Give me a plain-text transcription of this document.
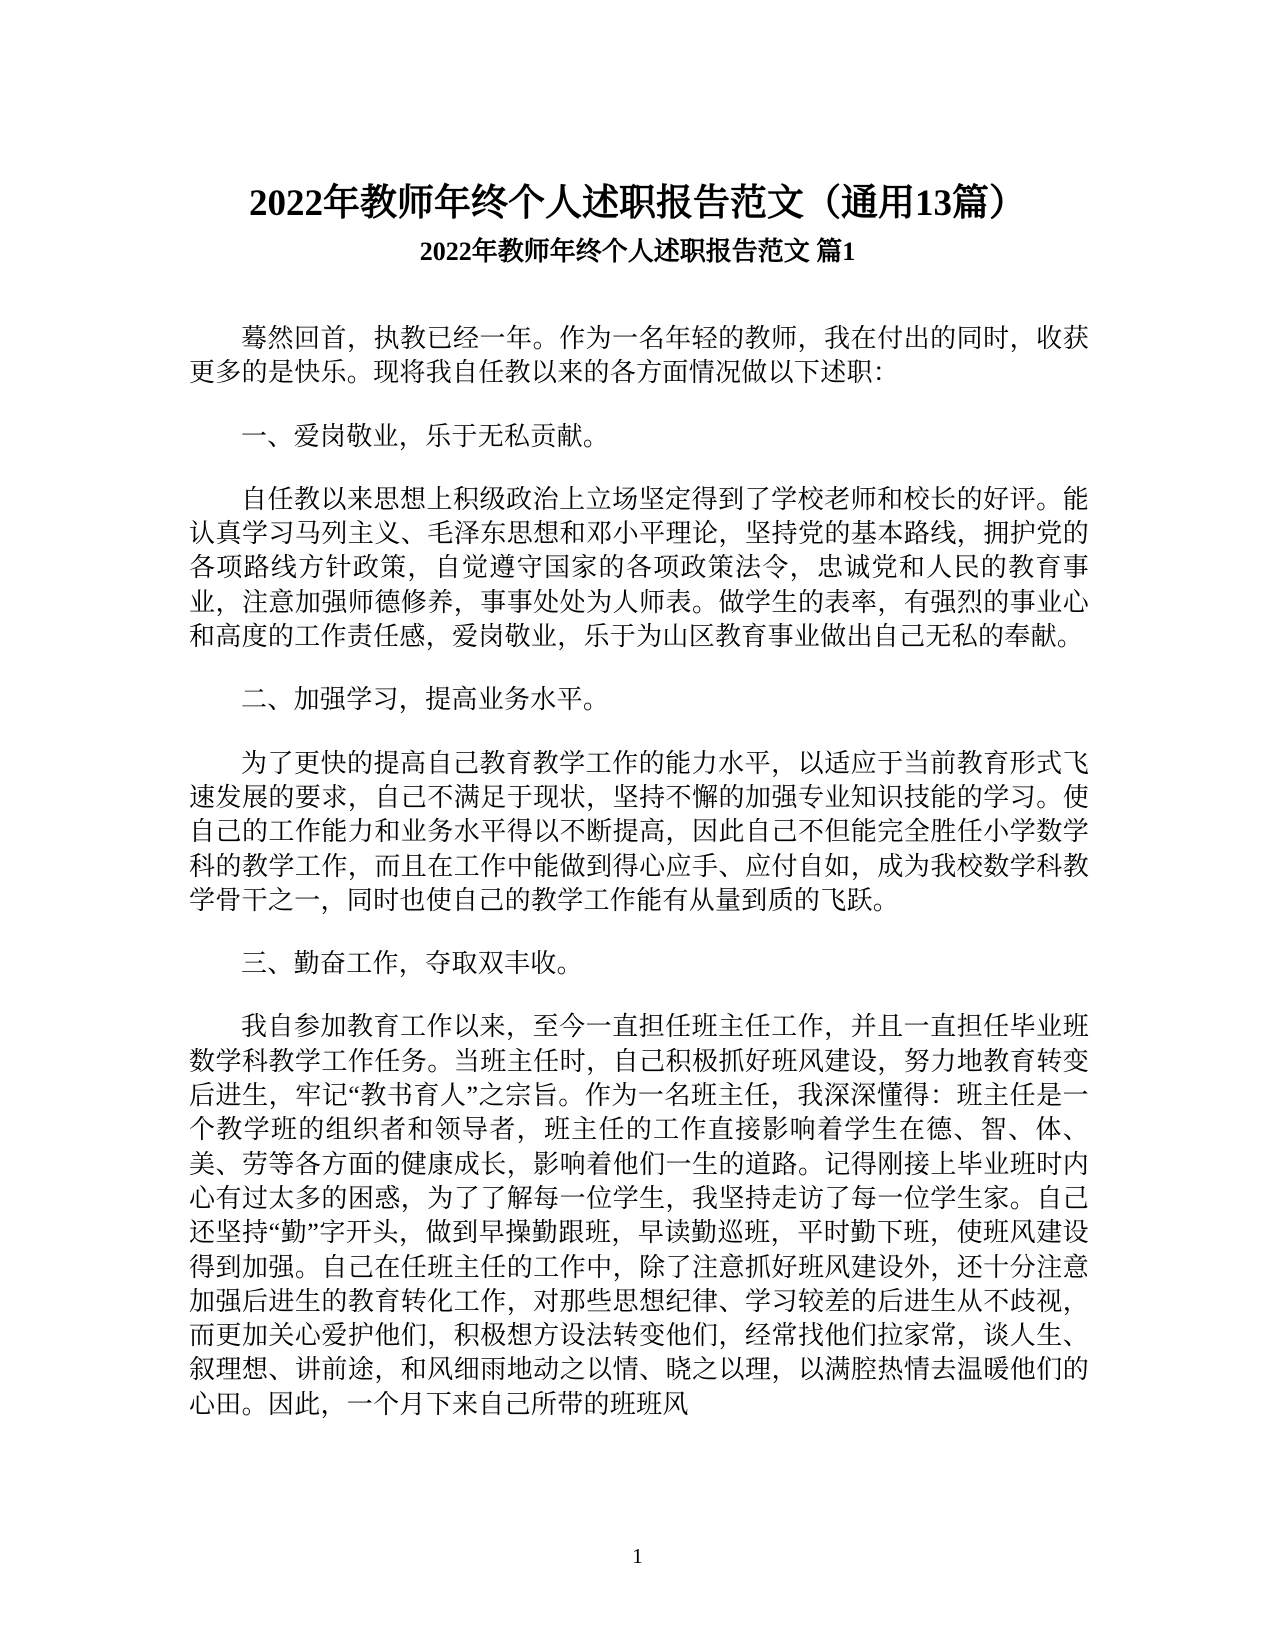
2022年教师年终个人述职报告范文（通用13篇）
2022年教师年终个人述职报告范文 篇1

蓦然回首，执教已经一年。作为一名年轻的教师，我在付出的同时，收获更多的是快乐。现将我自任教以来的各方面情况做以下述职：

一、爱岗敬业，乐于无私贡献。

自任教以来思想上积级政治上立场坚定得到了学校老师和校长的好评。能认真学习马列主义、毛泽东思想和邓小平理论，坚持党的基本路线，拥护党的各项路线方针政策，自觉遵守国家的各项政策法令，忠诚党和人民的教育事业，注意加强师德修养，事事处处为人师表。做学生的表率，有强烈的事业心和高度的工作责任感，爱岗敬业，乐于为山区教育事业做出自己无私的奉献。

二、加强学习，提高业务水平。

为了更快的提高自己教育教学工作的能力水平，以适应于当前教育形式飞速发展的要求，自己不满足于现状，坚持不懈的加强专业知识技能的学习。使自己的工作能力和业务水平得以不断提高，因此自己不但能完全胜任小学数学科的教学工作，而且在工作中能做到得心应手、应付自如，成为我校数学科教学骨干之一，同时也使自己的教学工作能有从量到质的飞跃。

三、勤奋工作，夺取双丰收。

我自参加教育工作以来，至今一直担任班主任工作，并且一直担任毕业班数学科教学工作任务。当班主任时，自己积极抓好班风建设，努力地教育转变后进生，牢记“教书育人”之宗旨。作为一名班主任，我深深懂得：班主任是一个教学班的组织者和领导者，班主任的工作直接影响着学生在德、智、体、美、劳等各方面的健康成长，影响着他们一生的道路。记得刚接上毕业班时内心有过太多的困惑，为了了解每一位学生，我坚持走访了每一位学生家。自己还坚持“勤”字开头，做到早操勤跟班，早读勤巡班，平时勤下班，使班风建设得到加强。自己在任班主任的工作中，除了注意抓好班风建设外，还十分注意加强后进生的教育转化工作，对那些思想纪律、学习较差的后进生从不歧视，而更加关心爱护他们，积极想方设法转变他们，经常找他们拉家常，谈人生、叙理想、讲前途，和风细雨地动之以情、晓之以理，以满腔热情去温暖他们的心田。因此，一个月下来自己所带的班班风

1
